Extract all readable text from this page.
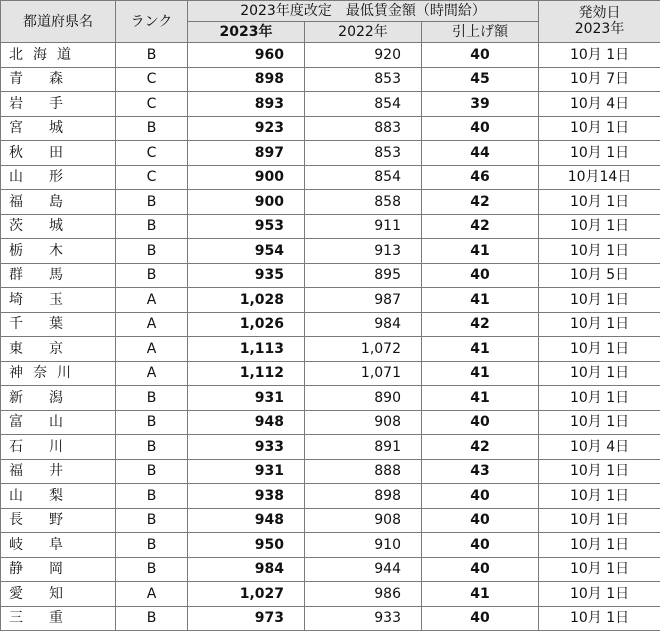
都道府県名	ランク	2023年度改定　最低賃金額（時間給）			発効日
2023年

		2023年	2022年	引上げ額	

北 海 道	B	960	920	40	10月 1日

青 森	C	898	853	45	10月 7日

岩 手	C	893	854	39	10月 4日

宮 城	B	923	883	40	10月 1日

秋 田	C	897	853	44	10月 1日

山 形	C	900	854	46	10月14日

福 島	B	900	858	42	10月 1日

茨 城	B	953	911	42	10月 1日

栃 木	B	954	913	41	10月 1日

群 馬	B	935	895	40	10月 5日

埼 玉	A	1,028	987	41	10月 1日

千 葉	A	1,026	984	42	10月 1日

東 京	A	1,113	1,072	41	10月 1日

神 奈 川	A	1,112	1,071	41	10月 1日

新 潟	B	931	890	41	10月 1日

富 山	B	948	908	40	10月 1日

石 川	B	933	891	42	10月 4日

福 井	B	931	888	43	10月 1日

山 梨	B	938	898	40	10月 1日

長 野	B	948	908	40	10月 1日

岐 阜	B	950	910	40	10月 1日

静 岡	B	984	944	40	10月 1日

愛 知	A	1,027	986	41	10月 1日

三 重	B	973	933	40	10月 1日
